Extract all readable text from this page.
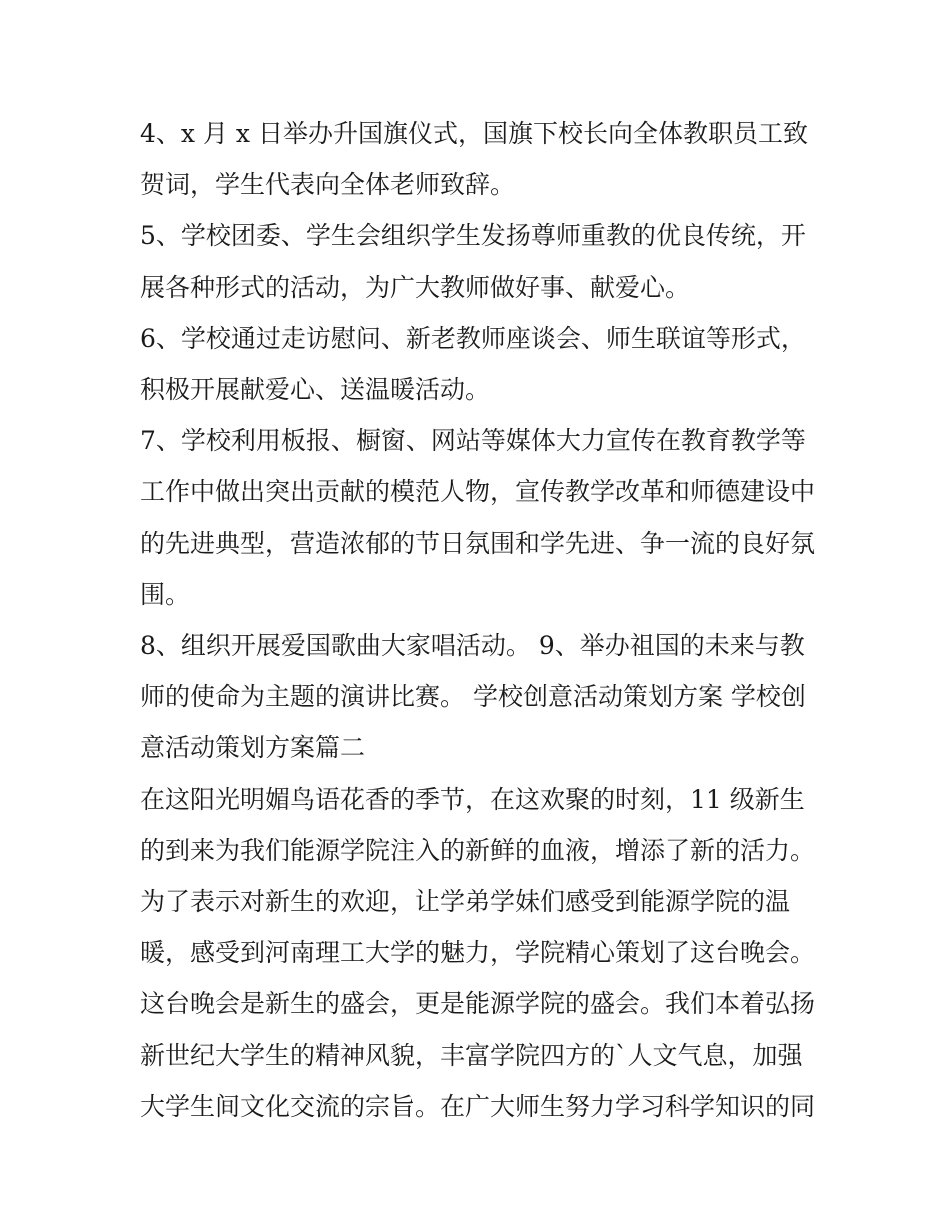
4、x 月 x 日举办升国旗仪式，国旗下校长向全体教职员工致贺词，学生代表向全体老师致辞。

5、学校团委、学生会组织学生发扬尊师重教的优良传统，开展各种形式的活动，为广大教师做好事、献爱心。

6、学校通过走访慰问、新老教师座谈会、师生联谊等形式，积极开展献爱心、送温暖活动。

7、学校利用板报、橱窗、网站等媒体大力宣传在教育教学等工作中做出突出贡献的模范人物，宣传教学改革和师德建设中的先进典型，营造浓郁的节日氛围和学先进、争一流的良好氛围。

8、组织开展爱国歌曲大家唱活动。 9、举办祖国的未来与教师的使命为主题的演讲比赛。 学校创意活动策划方案 学校创意活动策划方案篇二

在这阳光明媚鸟语花香的季节，在这欢聚的时刻，11 级新生的到来为我们能源学院注入的新鲜的血液，增添了新的活力。为了表示对新生的欢迎，让学弟学妹们感受到能源学院的温暖，感受到河南理工大学的魅力，学院精心策划了这台晚会。

这台晚会是新生的盛会，更是能源学院的盛会。我们本着弘扬新世纪大学生的精神风貌，丰富学院四方的`人文气息，加强大学生间文化交流的宗旨。在广大师生努力学习科学知识的同
